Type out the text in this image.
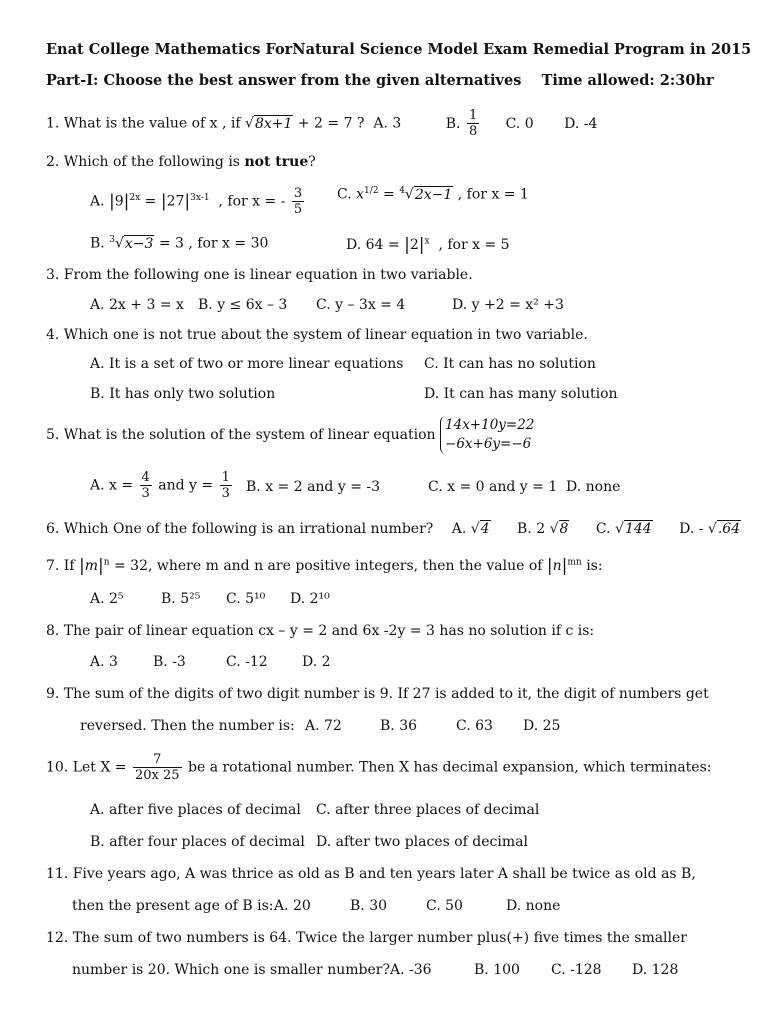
Enat College Mathematics ForNatural Science Model Exam Remedial Program in 2015
Part-I: Choose the best answer from the given alternatives Time allowed: 2:30hr
1. What is the value of x , if √8x+1 + 2 = 7 ? A. 3	B. $\frac{1}{8} C$. 0 D. -4
2. Which of the following is not true?
A. $|9|^{2x} = |27|^{3x-1}$ , for x = - $\frac{3}{5} C$. $x^{1/2} = ^4√2x-1$ , for x = 1
B. $^3$√x−3 = 3 , for x = 30	D. $64 = |2|^x$ , for x = 5
3. From the following one is linear equation in two variable.
A. 2x + 3 = x B. y ≤ 6x – 3 C. y – 3x = 4	D. y +2 = x² +3
4. Which one is not true about the system of linear equation in two variable.
A. It is a set of two or more linear equations C. It can has no solution
B. It has only two solution	D. It can has many solution
5. What is the solution of the system of linear equation
14x+10y=22
−6x+6y=−6
A. $x = \frac{4}{3}$ and $y = \frac{1}{3} B$. x = 2 and y = -3	C. x = 0 and y = 1 D. none
6. Which One of the following is an irrational number? A. √4 B. 2 √8 C. √144 D. - √.64
7. If $|m|^n = 32$, where m and n are positive integers, then the value of $|n|^{mn}$ is:
A. 2⁵	B. 5²⁵ C. 5¹⁰ D. 2¹⁰
8. The pair of linear equation cx – y = 2 and 6x -2y = 3 has no solution if c is:
A. 3	B. -3	C. -12 D. 2
9. The sum of the digits of two digit number is 9. If 27 is added to it, the digit of numbers get
reversed. Then the number is: A. 72	B. 36	C. 63 D. 25
10. Let $X = \frac{7}{20x 25}$ be a rotational number. Then X has decimal expansion, which terminates:
A. after five places of decimal C. after three places of decimal
B. after four places of decimal D. after two places of decimal
11. Five years ago, A was thrice as old as B and ten years later A shall be twice as old as B,
then the present age of B is: A. 20	B. 30	C. 50	D. none
12. The sum of two numbers is 64. Twice the larger number plus(+) five times the smaller
number is 20. Which one is smaller number? A. -36	B. 100 C. -128 D. 128
